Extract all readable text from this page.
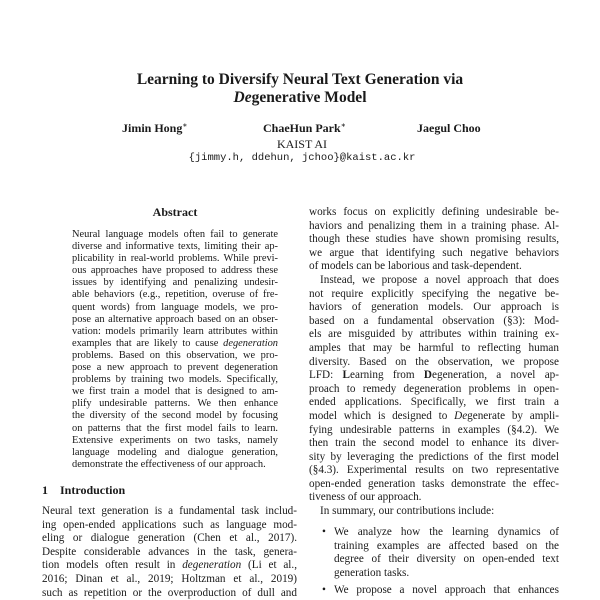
Learning to Diversify Neural Text Generation via
Degenerative Model
Jimin Hong∗	ChaeHun Park∗	Jaegul Choo
KAIST AI
{jimmy.h, ddehun, jchoo}@kaist.ac.kr
Abstract
Neural language models often fail to generate
diverse and informative texts, limiting their ap-
plicability in real-world problems. While previ-
ous approaches have proposed to address these
issues by identifying and penalizing undesir-
able behaviors (e.g., repetition, overuse of fre-
quent words) from language models, we pro-
pose an alternative approach based on an obser-
vation: models primarily learn attributes within
examples that are likely to cause degeneration
problems. Based on this observation, we pro-
pose a new approach to prevent degeneration
problems by training two models. Specifically,
we first train a model that is designed to am-
plify undesirable patterns. We then enhance
the diversity of the second model by focusing
on patterns that the first model fails to learn.
Extensive experiments on two tasks, namely
language modeling and dialogue generation,
demonstrate the effectiveness of our approach.
1 Introduction
Neural text generation is a fundamental task includ-
ing open-ended applications such as language mod-
eling or dialogue generation (Chen et al., 2017).
Despite considerable advances in the task, genera-
tion models often result in degeneration (Li et al.,
2016; Dinan et al., 2019; Holtzman et al., 2019)
such as repetition or the overproduction of dull and
works focus on explicitly defining undesirable be-
haviors and penalizing them in a training phase. Al-
though these studies have shown promising results,
we argue that identifying such negative behaviors
of models can be laborious and task-dependent.
Instead, we propose a novel approach that does
not require explicitly specifying the negative be-
haviors of generation models. Our approach is
based on a fundamental observation (§3): Mod-
els are misguided by attributes within training ex-
amples that may be harmful to reflecting human
diversity. Based on the observation, we propose
LFD: Learning from Degeneration, a novel ap-
proach to remedy degeneration problems in open-
ended applications. Specifically, we first train a
model which is designed to Degenerate by ampli-
fying undesirable patterns in examples (§4.2). We
then train the second model to enhance its diver-
sity by leveraging the predictions of the first model
(§4.3). Experimental results on two representative
open-ended generation tasks demonstrate the effec-
tiveness of our approach.
In summary, our contributions include:
• We analyze how the learning dynamics of
training examples are affected based on the
degree of their diversity on open-ended text
generation tasks.
• We propose a novel approach that enhances
